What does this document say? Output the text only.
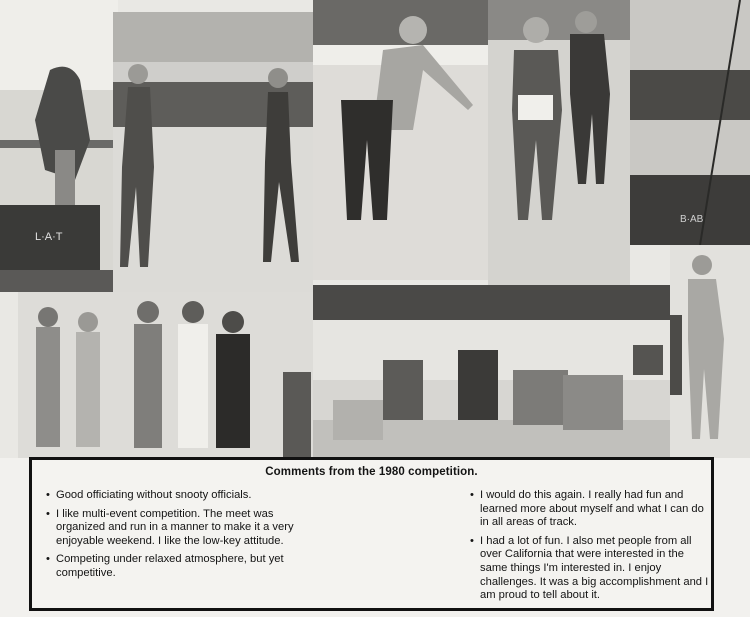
L·A·T
B·AB
Comments from the 1980 competition.
• Good officiating without snooty officials.
• I like multi-event competition. The meet was organized and run in a manner to make it a very enjoyable weekend. I like the low-key attitude.
• Competing under relaxed atmosphere, but yet competitive.
• I would do this again. I really had fun and learned more about myself and what I can do in all areas of track.
• I had a lot of fun. I also met people from all over California that were interested in the same things I'm interested in. I enjoy challenges. It was a big accomplishment and I am proud to tell about it.
